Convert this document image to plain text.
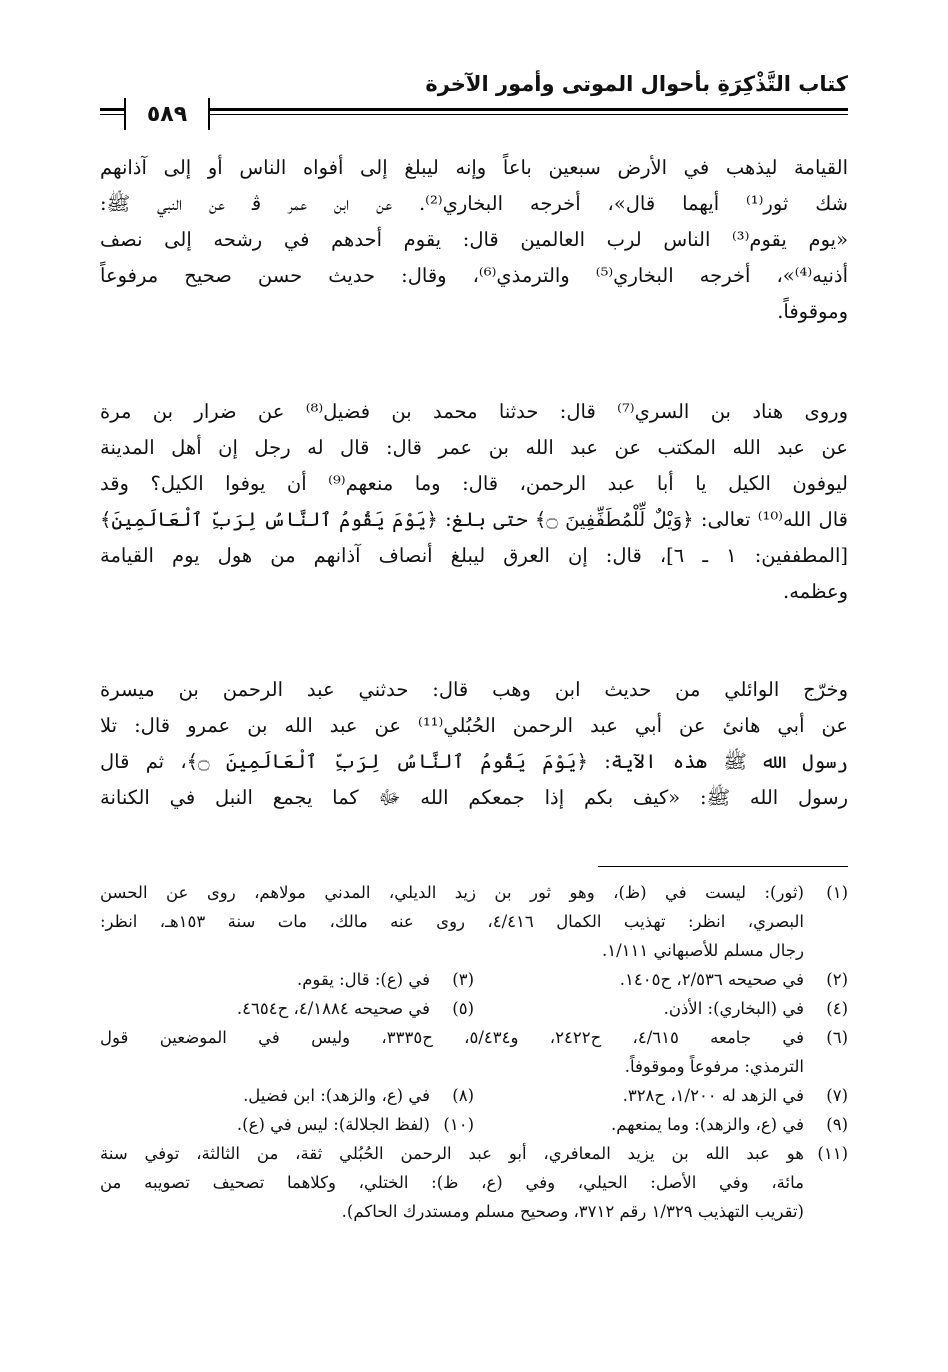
كتاب التَّذْكِرَةِ بأحوال الموتى وأمور الآخرة
٥٨٩
القيامة ليذهب في الأرض سبعين باعاً وإنه ليبلغ إلى أفواه الناس أو إلى آذانهم
شك ثور⁽¹⁾ أيهما قال»، أخرجه البخاري⁽²⁾. عن ابن عمر ﭬ عن النبي ﷺ:
«يوم يقوم⁽³⁾ الناس لرب العالمين قال: يقوم أحدهم في رشحه إلى نصف
أذنيه⁽⁴⁾»، أخرجه البخاري⁽⁵⁾ والترمذي⁽⁶⁾، وقال: حديث حسن صحيح مرفوعاً
وموقوفاً.
وروى هناد بن السري⁽⁷⁾ قال: حدثنا محمد بن فضيل⁽⁸⁾ عن ضرار بن مرة
عن عبد الله المكتب عن عبد الله بن عمر قال: قال له رجل إن أهل المدينة
ليوفون الكيل يا أبا عبد الرحمن، قال: وما منعهم⁽⁹⁾ أن يوفوا الكيل؟ وقد
قال الله⁽¹⁰⁾ تعالى: ﴿وَيْلٌ لِّلْمُطَفِّفِينَ ۝﴾ حتى بلغ: ﴿يَوْمَ يَقُومُ ٱلنَّاسُ لِرَبِّ ٱلْعَالَمِينَ﴾
[المطففين: ١ ـ ٦]، قال: إن العرق ليبلغ أنصاف آذانهم من هول يوم القيامة
وعظمه.
وخرّج الوائلي من حديث ابن وهب قال: حدثني عبد الرحمن بن ميسرة
عن أبي هانئ عن أبي عبد الرحمن الحُبُلي⁽¹¹⁾ عن عبد الله بن عمرو قال: تلا
رسول الله ﷺ هذه الآية: ﴿يَوْمَ يَقُومُ ٱلنَّاسُ لِرَبِّ ٱلْعَالَمِينَ ۝﴾، ثم قال
رسول الله ﷺ: «كيف بكم إذا جمعكم الله ﷻ كما يجمع النبل في الكنانة
(١)
(ثور): ليست في (ظ)، وهو ثور بن زيد الديلي، المدني مولاهم، روى عن الحسن
البصري، انظر: تهذيب الكمال ٤/٤١٦، روى عنه مالك، مات سنة ١٥٣هـ، انظر:
رجال مسلم للأصبهاني ١/١١١.
(٢)
في صحيحه ٢/٥٣٦، ح١٤٠٥.
(٣)
في (ع): قال: يقوم.
(٤)
في (البخاري): الأذن.
(٥)
في صحيحه ٤/١٨٨٤، ح٤٦٥٤.
(٦)
في جامعه ٤/٦١٥، ح٢٤٢٢، و٥/٤٣٤، ح٣٣٣٥، وليس في الموضعين قول
الترمذي: مرفوعاً وموقوفاً.
(٧)
في الزهد له ١/٢٠٠، ح٣٢٨.
(٨)
في (ع، والزهد): ابن فضيل.
(٩)
في (ع، والزهد): وما يمنعهم.
(١٠)
(لفظ الجلالة): ليس في (ع).
(١١)
هو عبد الله بن يزيد المعافري، أبو عبد الرحمن الحُبُلي ثقة، من الثالثة، توفي سنة
مائة، وفي الأصل: الحيلي، وفي (ع، ظ): الختلي، وكلاهما تصحيف تصويبه من
(تقريب التهذيب ١/٣٢٩ رقم ٣٧١٢، وصحيح مسلم ومستدرك الحاكم).
